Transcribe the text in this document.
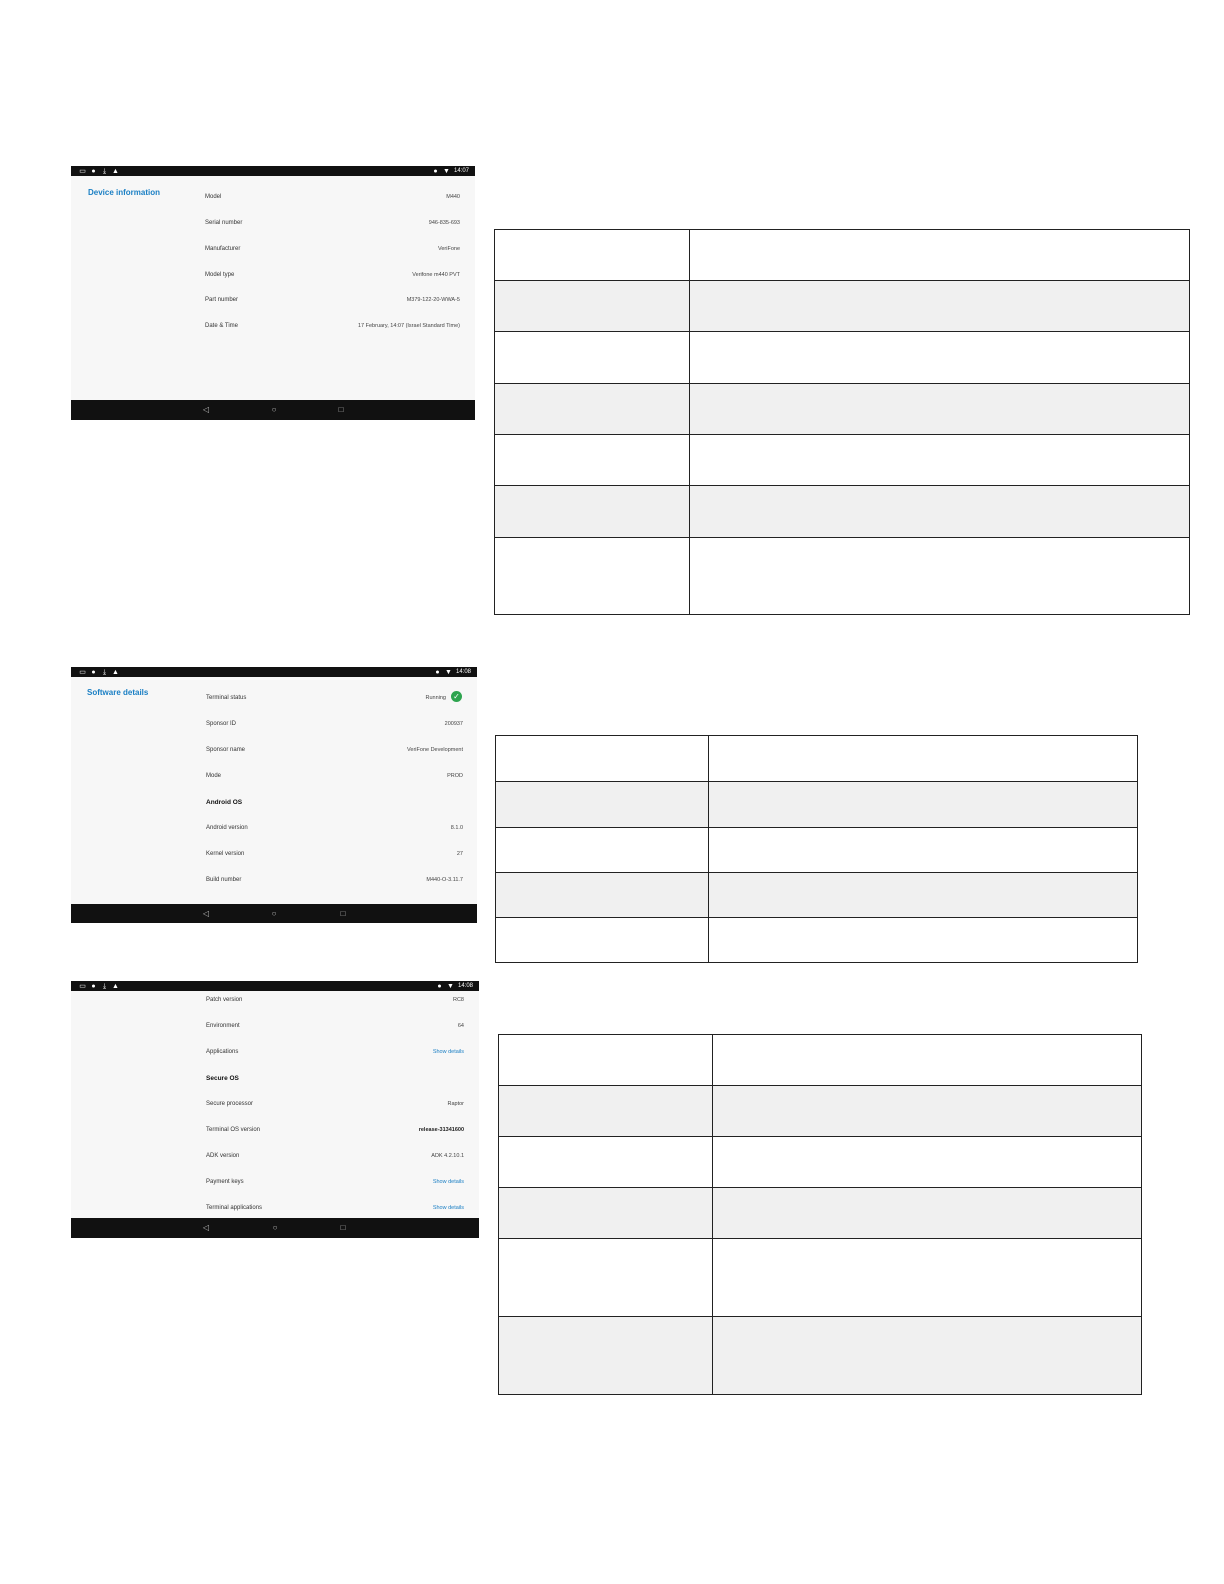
▭ ● ⤓ ▲	● ▼ 14:07
Device information	Model	M440
Serial number	946-835-693
Manufacturer	VeriFone
Model type	Verifone m440 PVT
Part number	M379-122-20-WWA-5
Date & Time	17 February, 14:07 (Israel Standard Time)
◁	○	□
▭ ● ⤓ ▲	● ▼ 14:08
Software details
Terminal status	Running ✓
Sponsor ID	200937
Sponsor name	VeriFone Development
Mode	PROD
Android OS
Android version	8.1.0
Kernel version	27
Build number	M440-O-3.11.7
◁	○	□
▭ ● ⤓ ▲	● ▼ 14:08
Patch version	RC8
Environment	64
Applications	Show details
Secure OS
Secure processor	Raptor
Terminal OS version	release-31341600
ADK version	ADK 4.2.10.1
Payment keys	Show details
Terminal applications	Show details
◁	○	□
